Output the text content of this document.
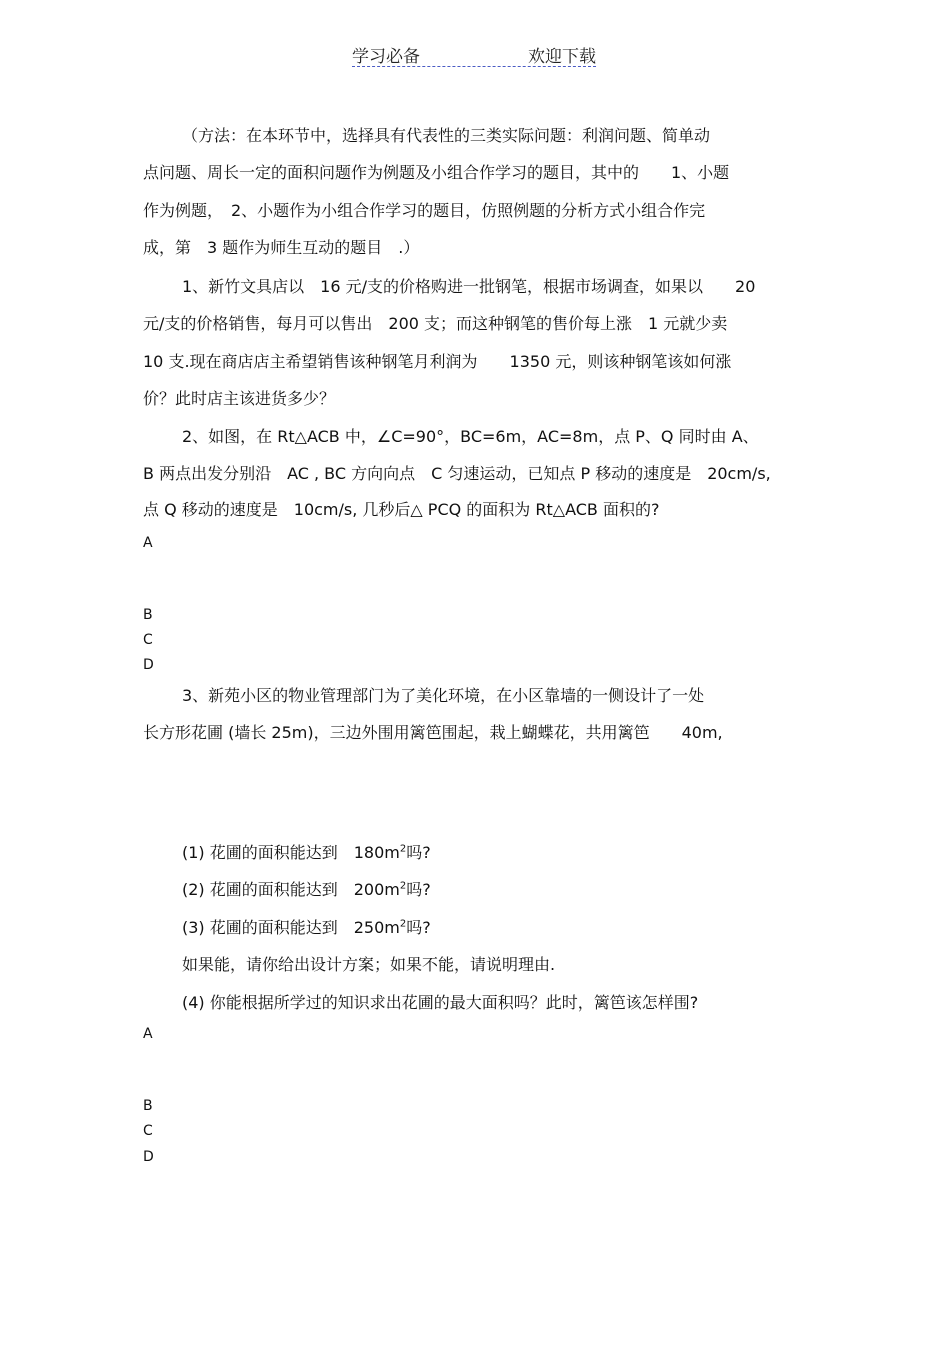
学习必备	欢迎下载
（方法：在本环节中，选择具有代表性的三类实际问题：利润问题、简单动
点问题、周长一定的面积问题作为例题及小组合作学习的题目，其中的　　1、小题
作为例题，　2、小题作为小组合作学习的题目，仿照例题的分析方式小组合作完
成，第　3 题作为师生互动的题目　.）
1、新竹文具店以　16 元/支的价格购进一批钢笔，根据市场调查，如果以　　20
元/支的价格销售，每月可以售出　200 支；而这种钢笔的售价每上涨　1 元就少卖
10 支.现在商店店主希望销售该种钢笔月利润为　　1350 元，则该种钢笔该如何涨
价？此时店主该进货多少？
2、如图，在 Rt△ACB 中，∠C=90°，BC=6m，AC=8m，点 P、Q 同时由 A、
B 两点出发分别沿　AC , BC 方向向点　C 匀速运动，已知点 P 移动的速度是　20cm/s,
点 Q 移动的速度是　10cm/s, 几秒后△ PCQ 的面积为 Rt△ACB 面积的?
A
B
C
D
3、新苑小区的物业管理部门为了美化环境，在小区靠墙的一侧设计了一处
长方形花圃 (墙长 25m)，三边外围用篱笆围起，栽上蝴蝶花，共用篱笆　　40m,
(1) 花圃的面积能达到　$180m^2$吗?
(2) 花圃的面积能达到　$200m^2$吗?
(3) 花圃的面积能达到　$250m^2$吗?
如果能，请你给出设计方案；如果不能，请说明理由.
(4) 你能根据所学过的知识求出花圃的最大面积吗？此时，篱笆该怎样围?
A
B
C
D
